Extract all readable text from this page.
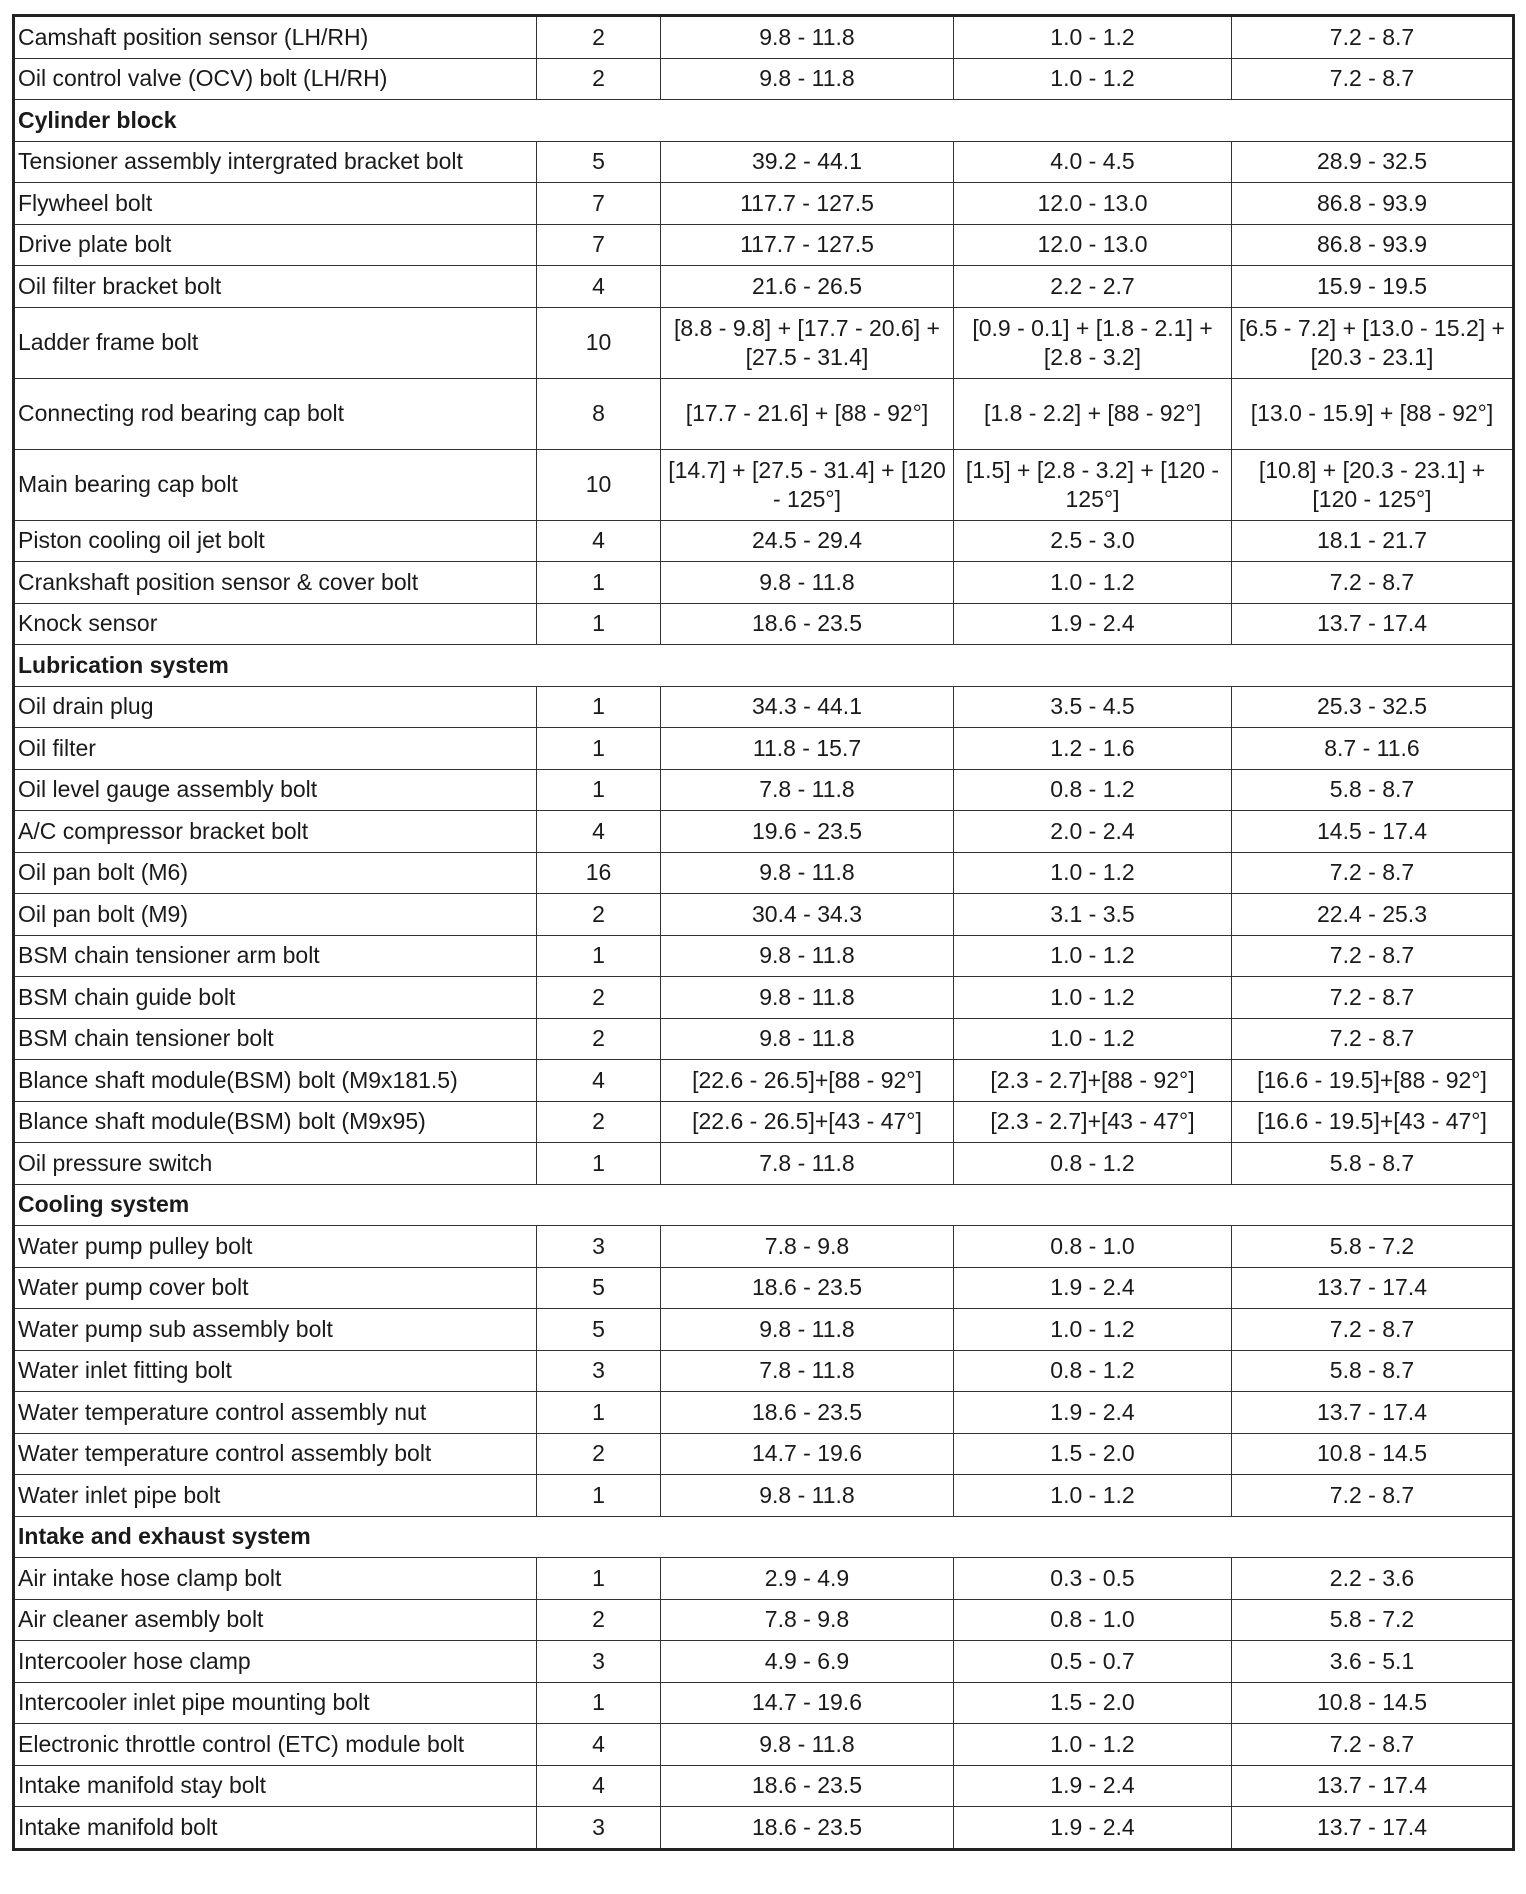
Camshaft position sensor (LH/RH)	2	9.8 - 11.8	1.0 - 1.2	7.2 - 8.7
Oil control valve (OCV) bolt (LH/RH)	2	9.8 - 11.8	1.0 - 1.2	7.2 - 8.7
Cylinder block				
Tensioner assembly intergrated bracket bolt	5	39.2 - 44.1	4.0 - 4.5	28.9 - 32.5
Flywheel bolt	7	117.7 - 127.5	12.0 - 13.0	86.8 - 93.9
Drive plate bolt	7	117.7 - 127.5	12.0 - 13.0	86.8 - 93.9
Oil filter bracket bolt	4	21.6 - 26.5	2.2 - 2.7	15.9 - 19.5
Ladder frame bolt	10	[8.8 - 9.8] + [17.7 - 20.6] + [27.5 - 31.4]	[0.9 - 0.1] + [1.8 - 2.1] + [2.8 - 3.2]	[6.5 - 7.2] + [13.0 - 15.2] + [20.3 - 23.1]
Connecting rod bearing cap bolt	8	[17.7 - 21.6] + [88 - 92°]	[1.8 - 2.2] + [88 - 92°]	[13.0 - 15.9] + [88 - 92°]
Main bearing cap bolt	10	[14.7] + [27.5 - 31.4] + [120 - 125°]	[1.5] + [2.8 - 3.2] + [120 - 125°]	[10.8] + [20.3 - 23.1] + [120 - 125°]
Piston cooling oil jet bolt	4	24.5 - 29.4	2.5 - 3.0	18.1 - 21.7
Crankshaft position sensor & cover bolt	1	9.8 - 11.8	1.0 - 1.2	7.2 - 8.7
Knock sensor	1	18.6 - 23.5	1.9 - 2.4	13.7 - 17.4
Lubrication system				
Oil drain plug	1	34.3 - 44.1	3.5 - 4.5	25.3 - 32.5
Oil filter	1	11.8 - 15.7	1.2 - 1.6	8.7 - 11.6
Oil level gauge assembly bolt	1	7.8 - 11.8	0.8 - 1.2	5.8 - 8.7
A/C compressor bracket bolt	4	19.6 - 23.5	2.0 - 2.4	14.5 - 17.4
Oil pan bolt (M6)	16	9.8 - 11.8	1.0 - 1.2	7.2 - 8.7
Oil pan bolt (M9)	2	30.4 - 34.3	3.1 - 3.5	22.4 - 25.3
BSM chain tensioner arm bolt	1	9.8 - 11.8	1.0 - 1.2	7.2 - 8.7
BSM chain guide bolt	2	9.8 - 11.8	1.0 - 1.2	7.2 - 8.7
BSM chain tensioner bolt	2	9.8 - 11.8	1.0 - 1.2	7.2 - 8.7
Blance shaft module(BSM) bolt (M9x181.5)	4	[22.6 - 26.5]+[88 - 92°]	[2.3 - 2.7]+[88 - 92°]	[16.6 - 19.5]+[88 - 92°]
Blance shaft module(BSM) bolt (M9x95)	2	[22.6 - 26.5]+[43 - 47°]	[2.3 - 2.7]+[43 - 47°]	[16.6 - 19.5]+[43 - 47°]
Oil pressure switch	1	7.8 - 11.8	0.8 - 1.2	5.8 - 8.7
Cooling system				
Water pump pulley bolt	3	7.8 - 9.8	0.8 - 1.0	5.8 - 7.2
Water pump cover bolt	5	18.6 - 23.5	1.9 - 2.4	13.7 - 17.4
Water pump sub assembly bolt	5	9.8 - 11.8	1.0 - 1.2	7.2 - 8.7
Water inlet fitting bolt	3	7.8 - 11.8	0.8 - 1.2	5.8 - 8.7
Water temperature control assembly nut	1	18.6 - 23.5	1.9 - 2.4	13.7 - 17.4
Water temperature control assembly bolt	2	14.7 - 19.6	1.5 - 2.0	10.8 - 14.5
Water inlet pipe bolt	1	9.8 - 11.8	1.0 - 1.2	7.2 - 8.7
Intake and exhaust system				
Air intake hose clamp bolt	1	2.9 - 4.9	0.3 - 0.5	2.2 - 3.6
Air cleaner asembly bolt	2	7.8 - 9.8	0.8 - 1.0	5.8 - 7.2
Intercooler hose clamp	3	4.9 - 6.9	0.5 - 0.7	3.6 - 5.1
Intercooler inlet pipe mounting bolt	1	14.7 - 19.6	1.5 - 2.0	10.8 - 14.5
Electronic throttle control (ETC) module bolt	4	9.8 - 11.8	1.0 - 1.2	7.2 - 8.7
Intake manifold stay bolt	4	18.6 - 23.5	1.9 - 2.4	13.7 - 17.4
Intake manifold bolt	3	18.6 - 23.5	1.9 - 2.4	13.7 - 17.4
